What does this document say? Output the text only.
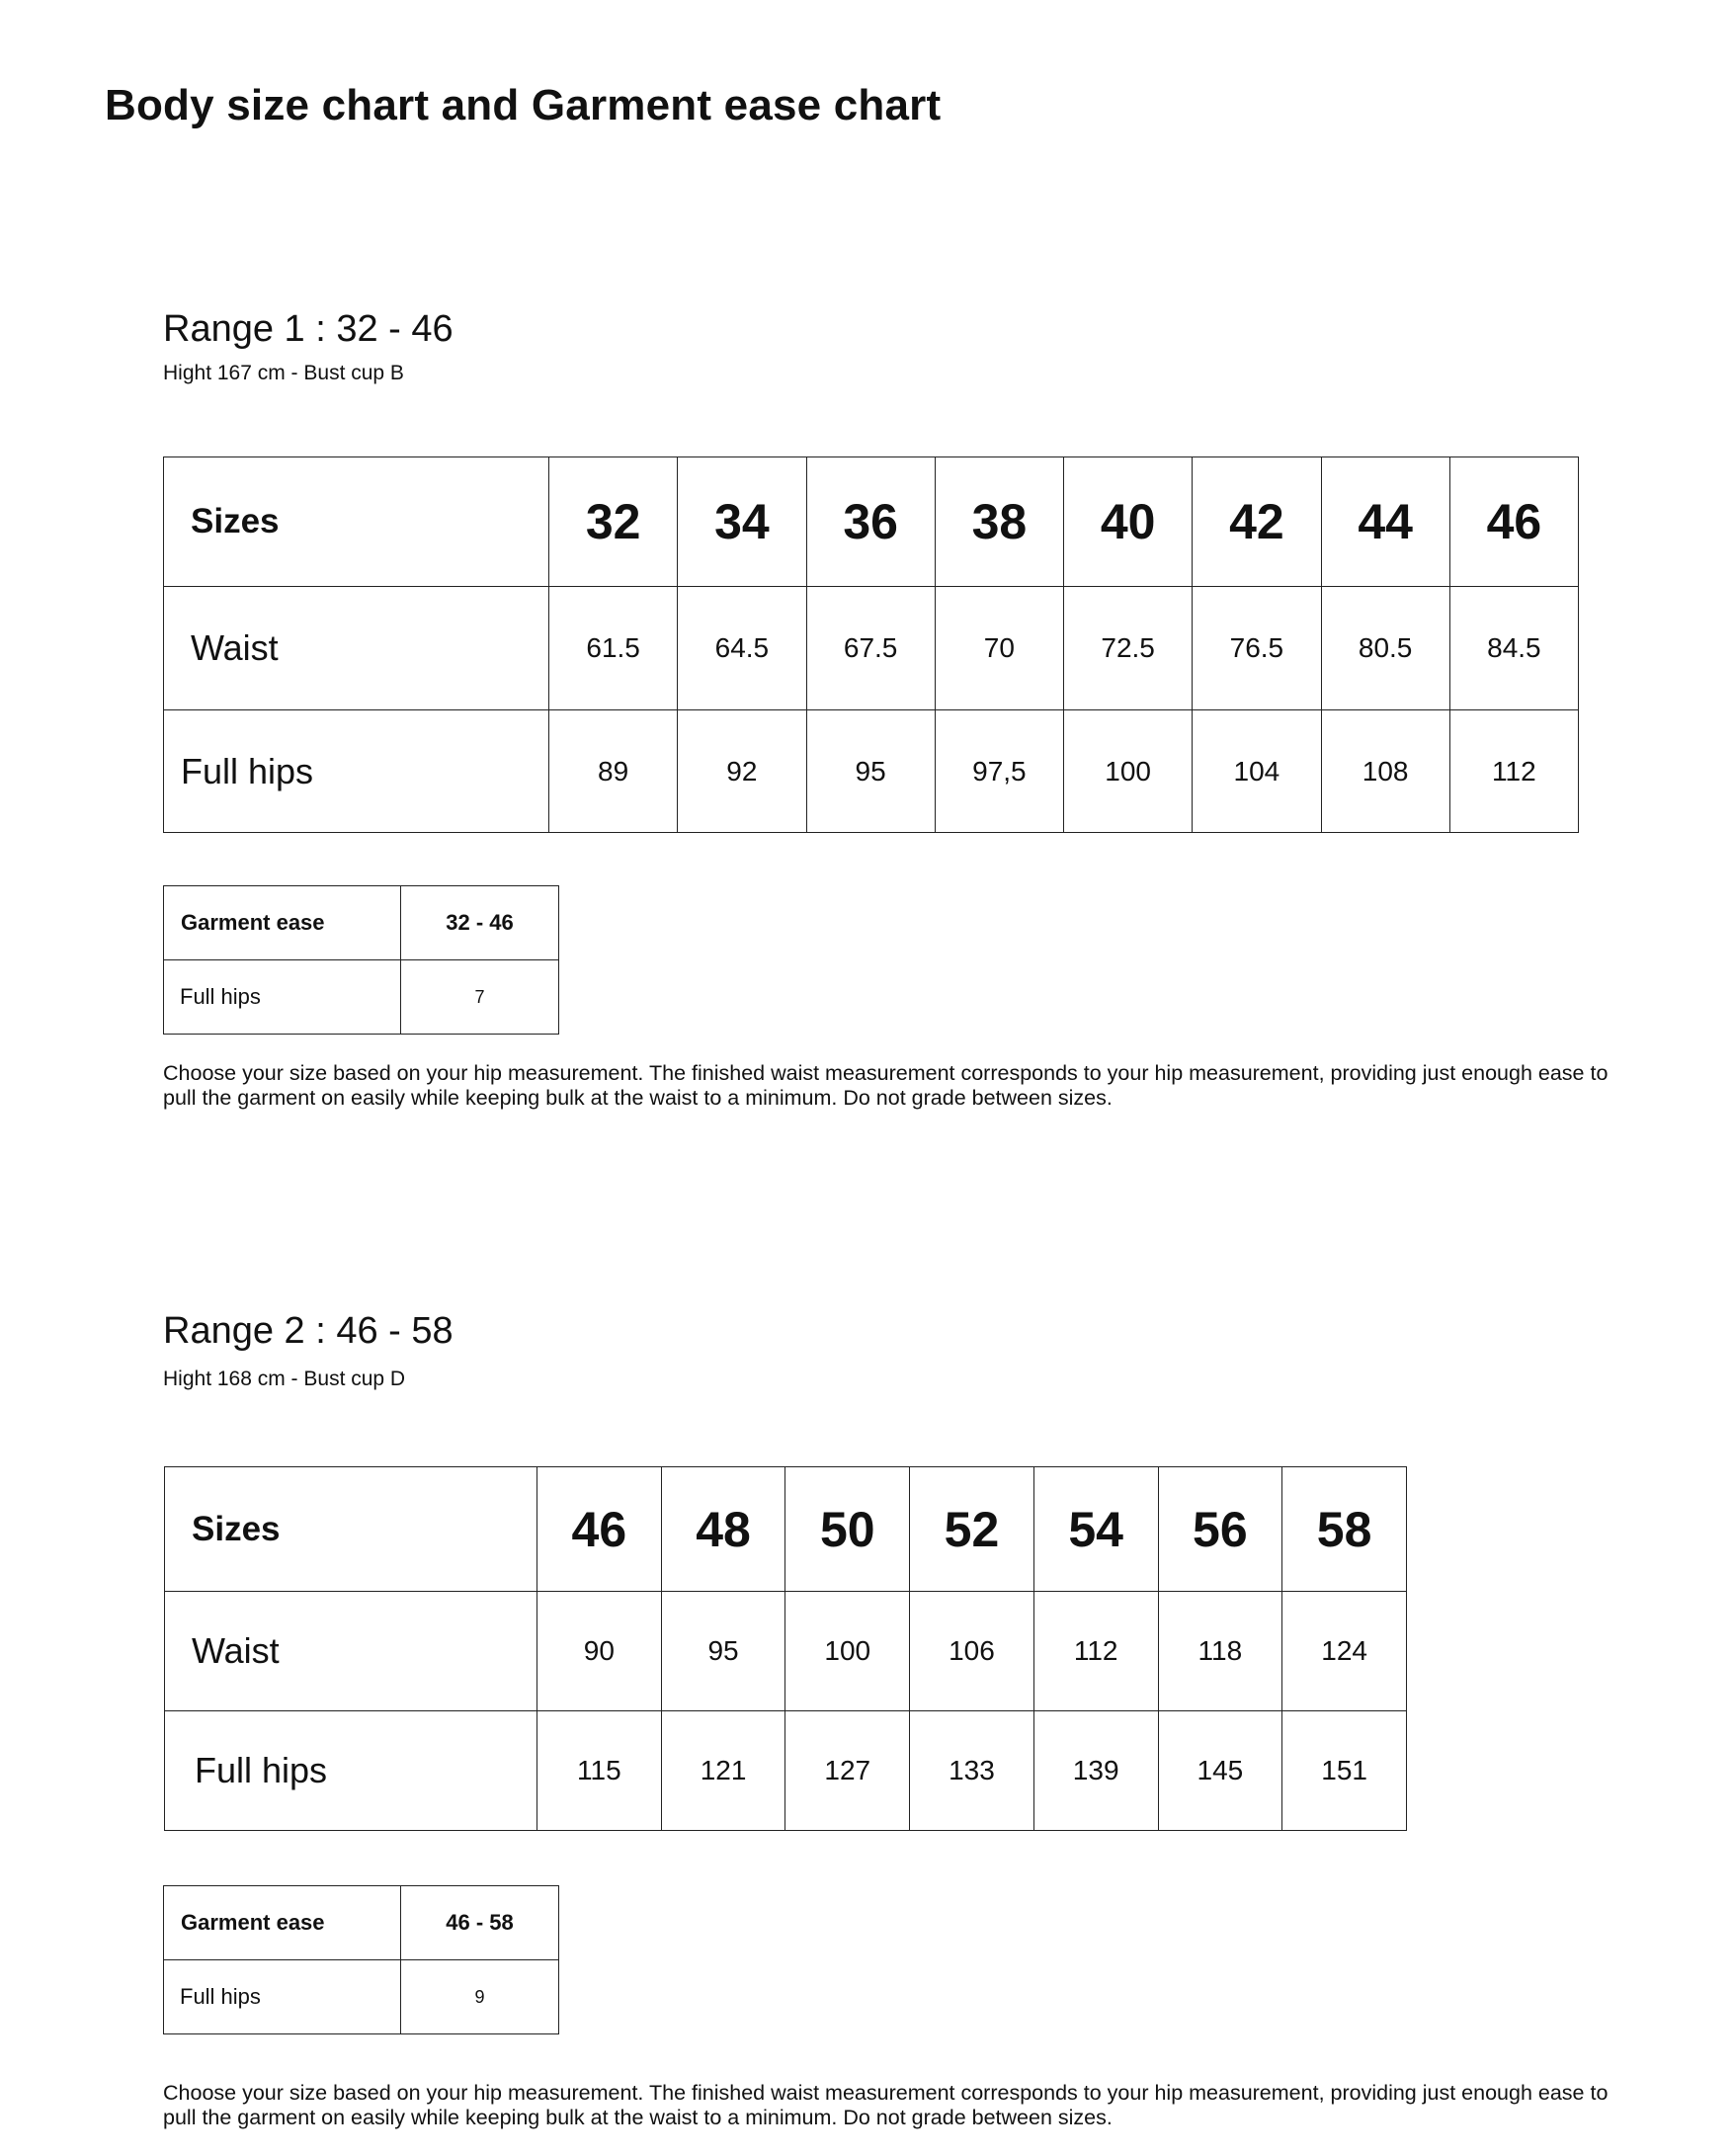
Body size chart and Garment ease chart
Range 1 : 32 - 46

Hight 167 cm - Bust cup B

Sizes	32	34	36	38	40	42	44	46
Waist	61.5	64.5	67.5	70	72.5	76.5	80.5	84.5
Full hips	89	92	95	97,5	100	104	108	112
Garment ease	32 - 46
Full hips	7

Choose your size based on your hip measurement. The finished waist measurement corresponds to your hip measurement, providing just enough ease to pull the garment on easily while keeping bulk at the waist to a minimum. Do not grade between sizes.

Range 2 : 46 - 58

Hight 168 cm - Bust cup D

Sizes	46	48	50	52	54	56	58
Waist	90	95	100	106	112	118	124
Full hips	115	121	127	133	139	145	151
Garment ease	46 - 58
Full hips	9

Choose your size based on your hip measurement. The finished waist measurement corresponds to your hip measurement, providing just enough ease to pull the garment on easily while keeping bulk at the waist to a minimum. Do not grade between sizes.
